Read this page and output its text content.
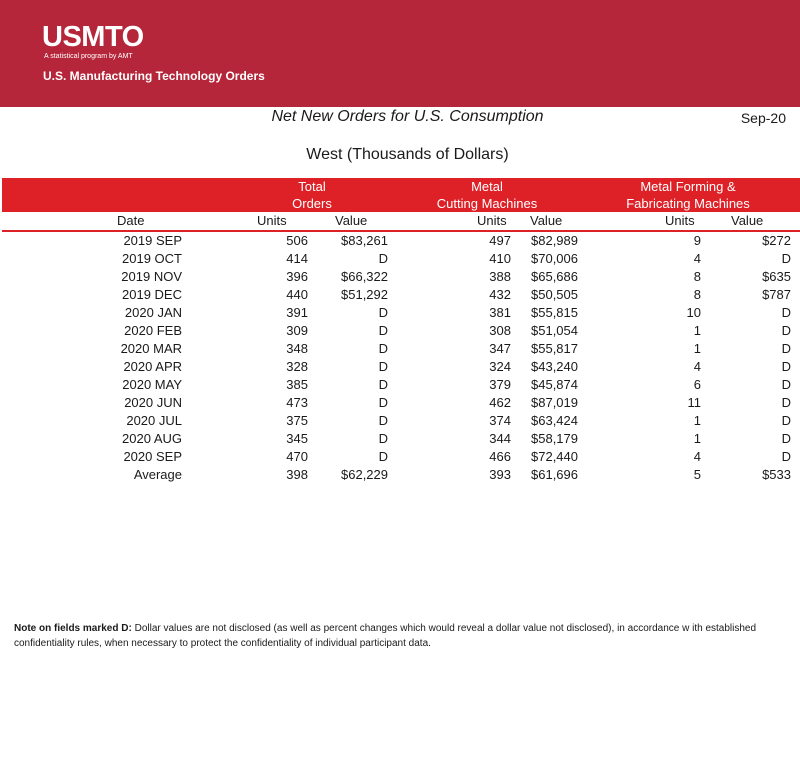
USMTO
A statistical program by AMT
U.S. Manufacturing Technology Orders
Net New Orders for U.S. Consumption	Sep-20
West (Thousands of Dollars)
Total
Orders
Metal
Cutting Machines
Metal Forming &
Fabricating Machines
Date	Units	Value	Units Value	Units	Value
2019 SEP	506	$83,261	497 $82,989	9	$272
2019 OCT	414	D	410 $70,006	4	D
2019 NOV	396	$66,322	388 $65,686	8	$635
2019 DEC	440	$51,292	432 $50,505	8	$787
2020 JAN	391	D	381 $55,815	10	D
2020 FEB	309	D	308 $51,054	1	D
2020 MAR	348	D	347 $55,817	1	D
2020 APR	328	D	324 $43,240	4	D
2020 MAY	385	D	379 $45,874	6	D
2020 JUN	473	D	462 $87,019	11	D
2020 JUL	375	D	374 $63,424	1	D
2020 AUG	345	D	344 $58,179	1	D
2020 SEP	470	D	466 $72,440	4	D
Average	398	$62,229	393 $61,696	5	$533
Note on fields marked D: Dollar values are not disclosed (as well as percent changes which would reveal a dollar value not disclosed), in accordance w ith established confidentiality rules, when necessary to protect the confidentiality of individual participant data.
